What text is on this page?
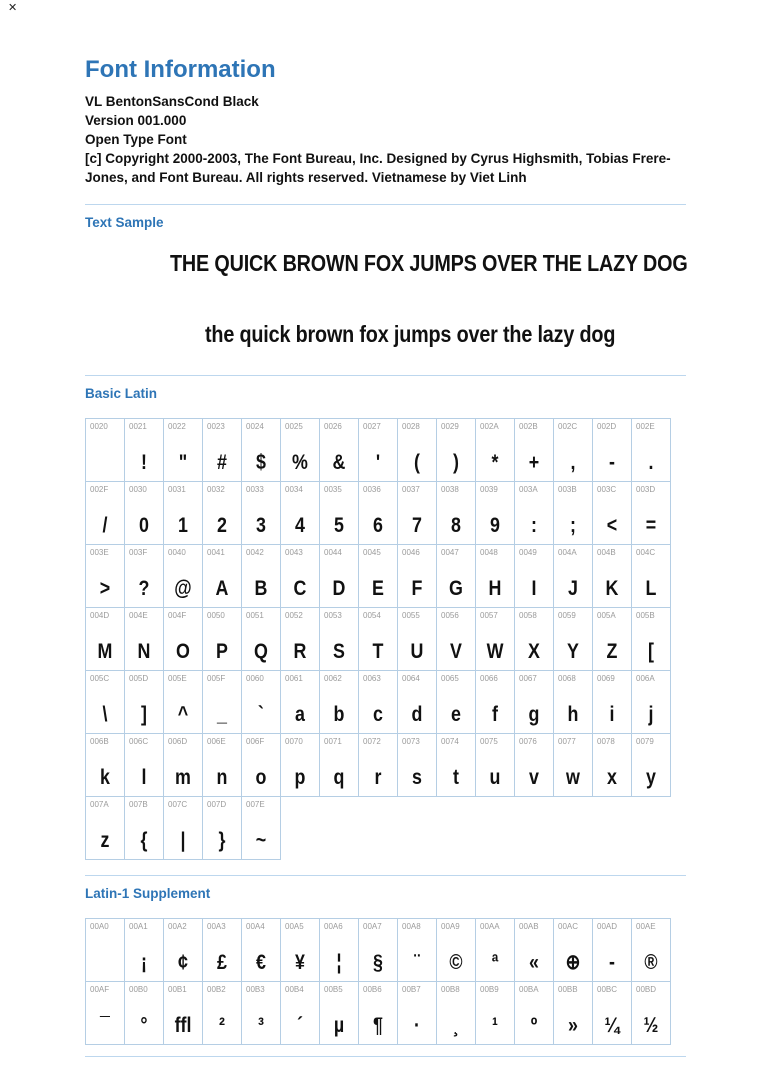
✕
Font Information

VL BentonSansCond Black

Version 001.000

Open Type Font

[c] Copyright 2000-2003, The Font Bureau, Inc. Designed by Cyrus Highsmith, Tobias Frere-Jones, and Font Bureau. All rights reserved. Vietnamese by Viet Linh

Text Sample
THE QUICK BROWN FOX JUMPS OVER THE LAZY DOG
the quick brown fox jumps over the lazy dog
Basic Latin
0020	0021
!
0022
"
0023
#
0024
$
0025
%
0026
&
0027
'
0028
(
0029
)
002A
*
002B
+
002C
,
002D
-
002E
.
002F
/
0030
0
0031
1
0032
2
0033
3
0034
4
0035
5
0036
6
0037
7
0038
8
0039
9
003A
:
003B
;
003C
<
003D
=
003E
>
003F
?
0040
@
0041
A
0042
B
0043
C
0044
D
0045
E
0046
F
0047
G
0048
H
0049
I
004A
J
004B
K
004C
L
004D
M
004E
N
004F
O
0050
P
0051
Q
0052
R
0053
S
0054
T
0055
U
0056
V
0057
W
0058
X
0059
Y
005A
Z
005B
[
005C
\
005D
]
005E
^
005F
_
0060
`
0061
a
0062
b
0063
c
0064
d
0065
e
0066
f
0067
g
0068
h
0069
i
006A
j
006B
k
006C
l
006D
m
006E
n
006F
o
0070
p
0071
q
0072
r
0073
s
0074
t
0075
u
0076
v
0077
w
0078
x
0079
y
007A
z
007B
{
007C
|
007D
}
007E
~
Latin-1 Supplement
00A0	00A1
¡
00A2
¢
00A3
£
00A4
€
00A5
¥
00A6
¦
00A7
§
00A8
¨
00A9
©
00AA
ª
00AB
«
00AC
⊕
00AD
-
00AE
®
00AF
¯
00B0
°
00B1
ffl
00B2
²
00B3
³
00B4
´
00B5
µ
00B6
¶
00B7
·
00B8
¸
00B9
¹
00BA
º
00BB
»
00BC
¼
00BD
½
